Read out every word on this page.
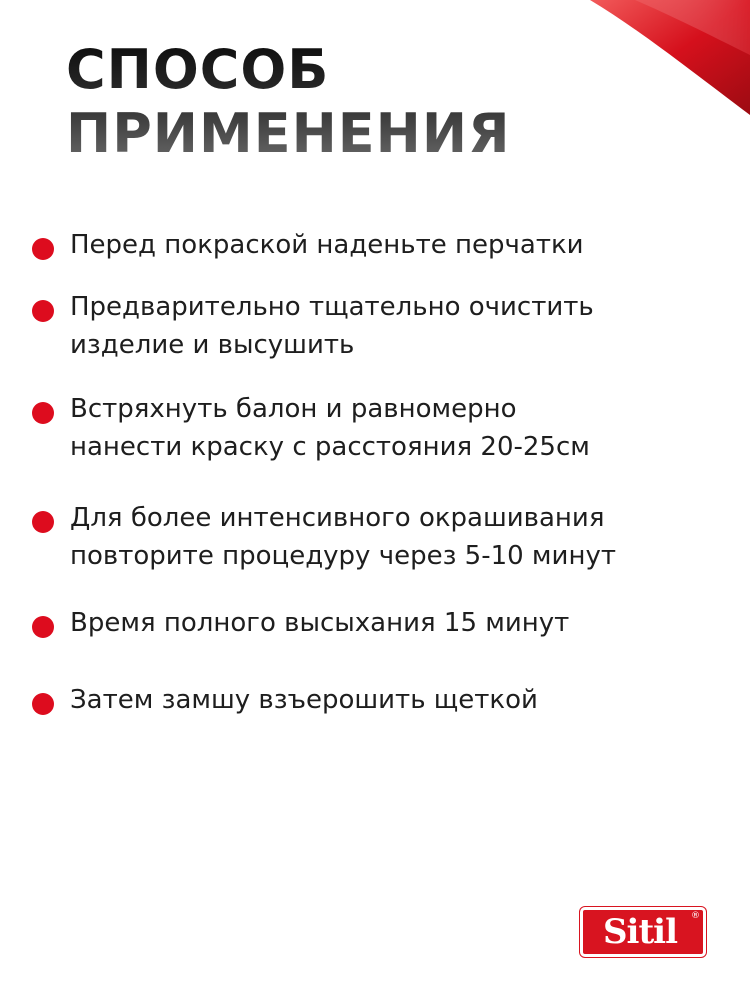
СПОСОБ
ПРИМЕНЕНИЯ
Перед покраской наденьте перчатки
Предварительно тщательно очистить
изделие и высушить
Встряхнуть балон и равномерно
нанести краску с расстояния 20-25см
Для более интенсивного окрашивания
повторите процедуру через 5-10 минут
Время полного высыхания 15 минут
Затем замшу взъерошить щеткой
Sitil	®
